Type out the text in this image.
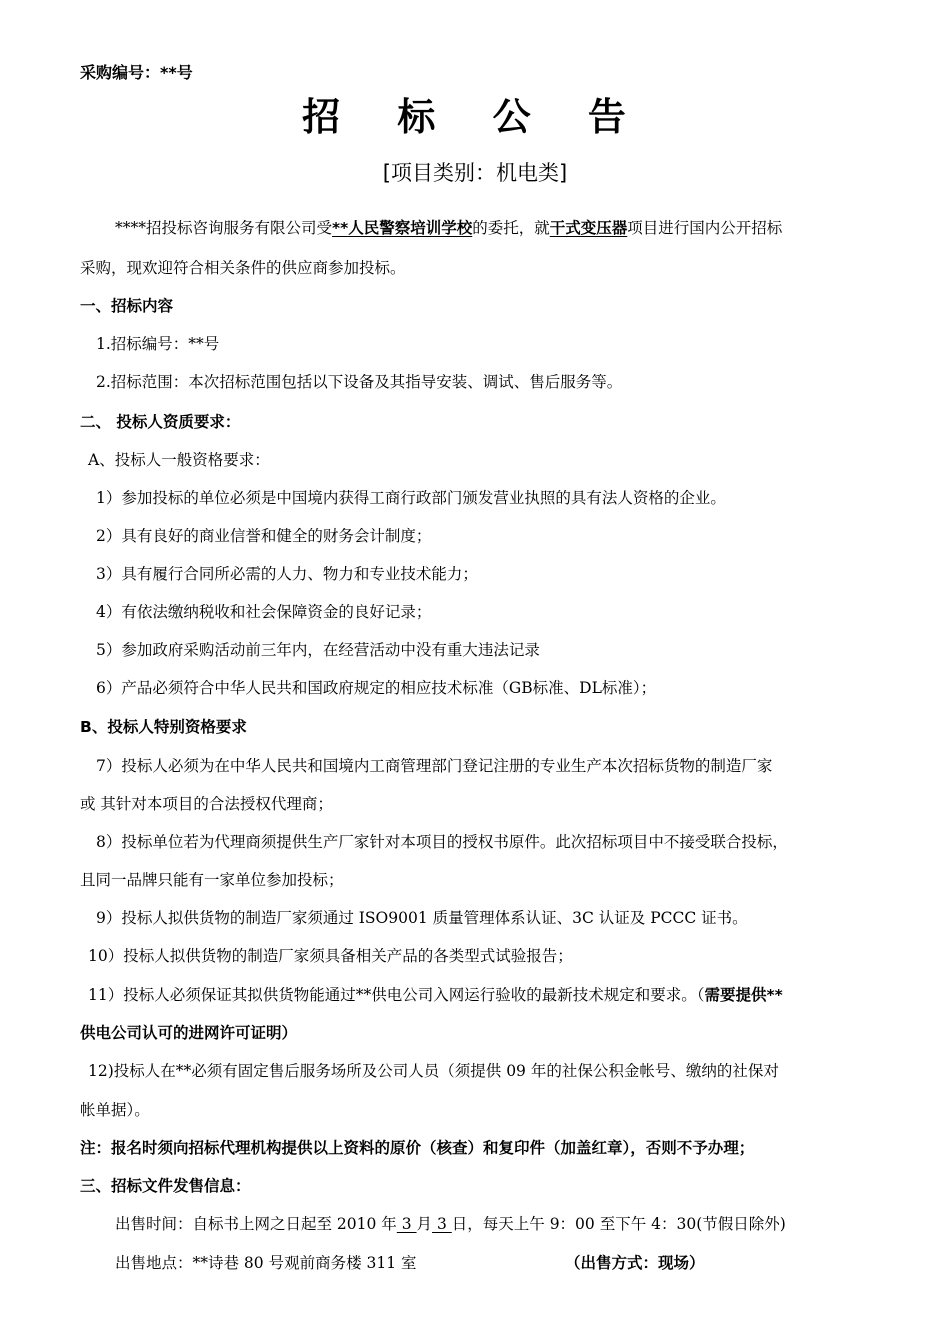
采购编号：**号
招 标 公 告
[项目类别：机电类]
****招投标咨询服务有限公司受**人民警察培训学校的委托，就干式变压器项目进行国内公开招标
采购，现欢迎符合相关条件的供应商参加投标。
一、招标内容
1.招标编号：**号
2.招标范围：本次招标范围包括以下设备及其指导安装、调试、售后服务等。
二、 投标人资质要求：
A、投标人一般资格要求：
1）参加投标的单位必须是中国境内获得工商行政部门颁发营业执照的具有法人资格的企业。
2）具有良好的商业信誉和健全的财务会计制度；
3）具有履行合同所必需的人力、物力和专业技术能力；
4）有依法缴纳税收和社会保障资金的良好记录；
5）参加政府采购活动前三年内，在经营活动中没有重大违法记录
6）产品必须符合中华人民共和国政府规定的相应技术标准（GB标准、DL标准）；
B、投标人特别资格要求
7）投标人必须为在中华人民共和国境内工商管理部门登记注册的专业生产本次招标货物的制造厂家
或 其针对本项目的合法授权代理商；
8）投标单位若为代理商须提供生产厂家针对本项目的授权书原件。此次招标项目中不接受联合投标，
且同一品牌只能有一家单位参加投标；
9）投标人拟供货物的制造厂家须通过 ISO9001 质量管理体系认证、3C 认证及 PCCC 证书。
10）投标人拟供货物的制造厂家须具备相关产品的各类型式试验报告；
11）投标人必须保证其拟供货物能通过**供电公司入网运行验收的最新技术规定和要求。（需要提供**
供电公司认可的进网许可证明）
12)投标人在**必须有固定售后服务场所及公司人员（须提供 09 年的社保公积金帐号、缴纳的社保对
帐单据）。
注：报名时须向招标代理机构提供以上资料的原价（核查）和复印件（加盖红章），否则不予办理；
三、招标文件发售信息：
出售时间：自标书上网之日起至 2010 年 3 月 3 日，每天上午 9：00 至下午 4：30(节假日除外)
出售地点：**诗巷 80 号观前商务楼 311 室	（出售方式：现场）
